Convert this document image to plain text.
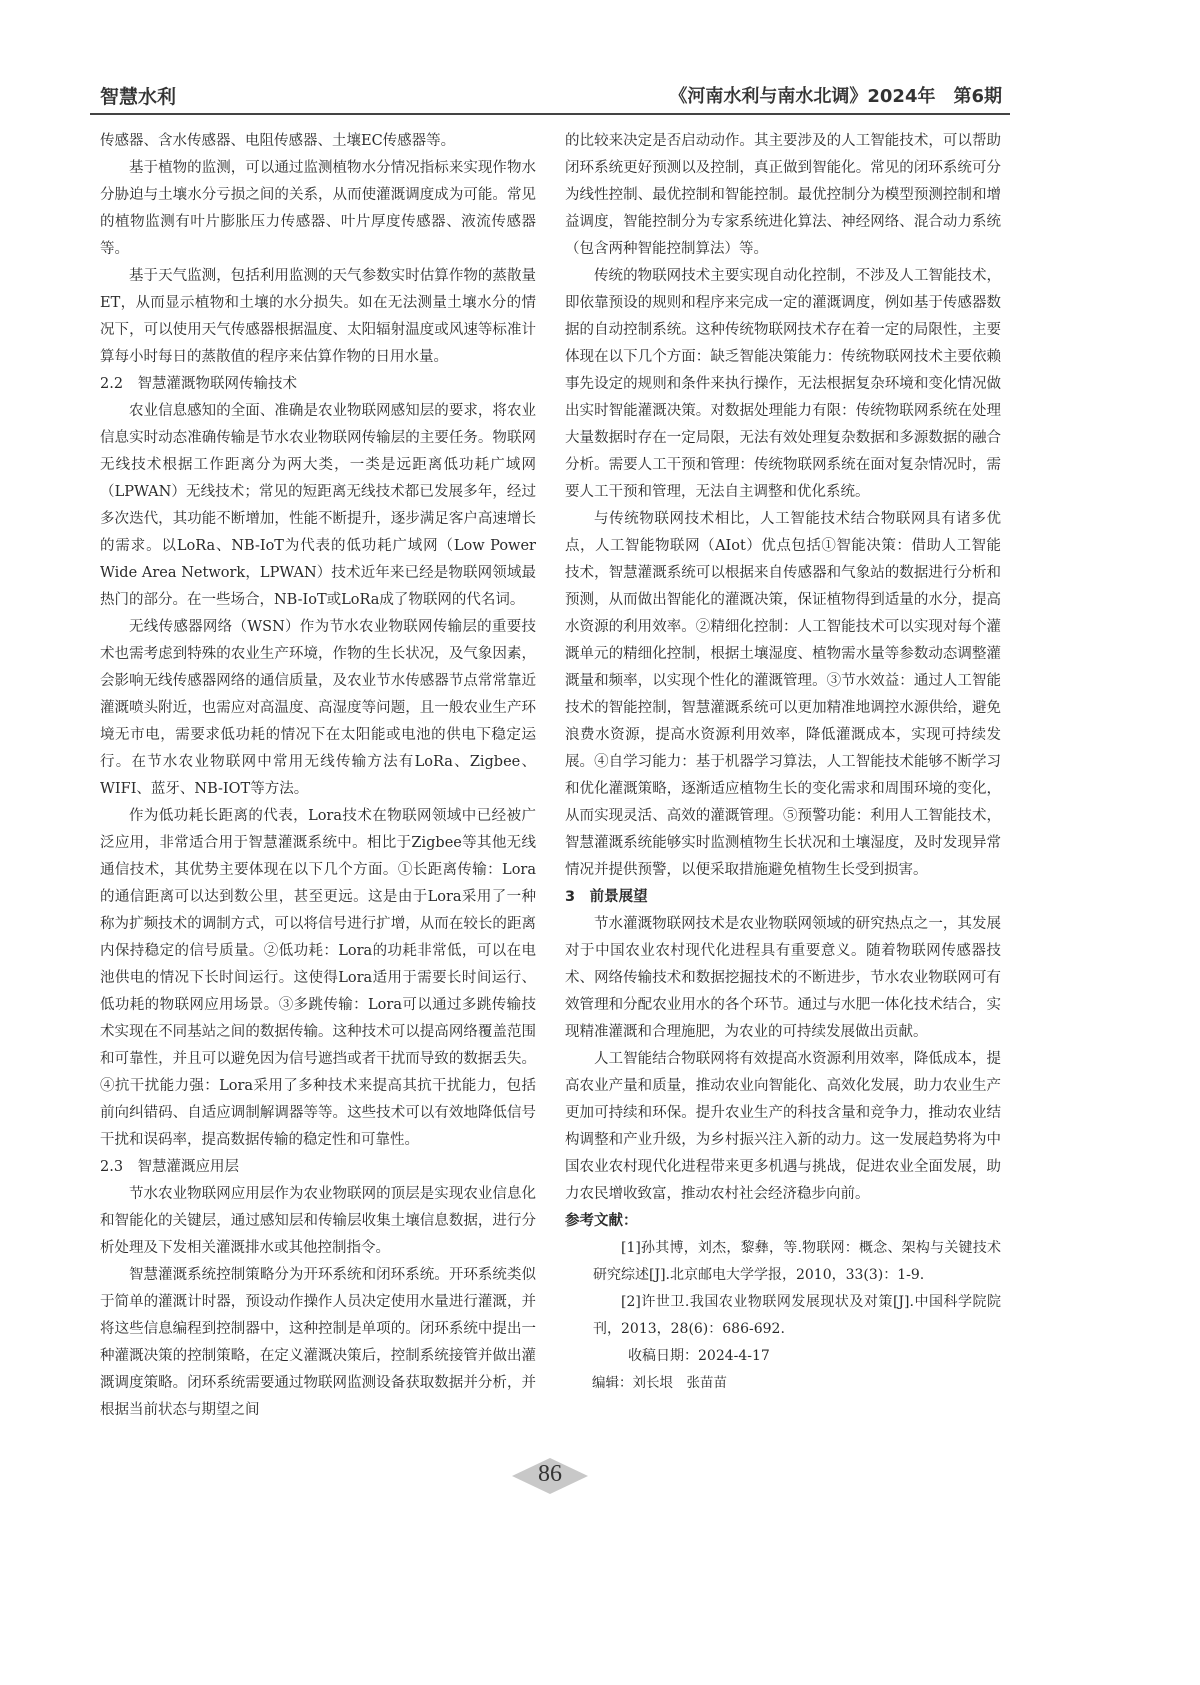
智慧水利	《河南水利与南水北调》2024年　第6期

传感器、含水传感器、电阻传感器、土壤EC传感器等。

基于植物的监测，可以通过监测植物水分情况指标来实现作物水分胁迫与土壤水分亏损之间的关系，从而使灌溉调度成为可能。常见的植物监测有叶片膨胀压力传感器、叶片厚度传感器、液流传感器等。

基于天气监测，包括利用监测的天气参数实时估算作物的蒸散量ET，从而显示植物和土壤的水分损失。如在无法测量土壤水分的情况下，可以使用天气传感器根据温度、太阳辐射温度或风速等标准计算每小时每日的蒸散值的程序来估算作物的日用水量。

2.2　智慧灌溉物联网传输技术

农业信息感知的全面、准确是农业物联网感知层的要求，将农业信息实时动态准确传输是节水农业物联网传输层的主要任务。物联网无线技术根据工作距离分为两大类，一类是远距离低功耗广域网（LPWAN）无线技术；常见的短距离无线技术都已发展多年，经过多次迭代，其功能不断增加，性能不断提升，逐步满足客户高速增长的需求。以LoRa、NB-IoT为代表的低功耗广域网（Low Power Wide Area Network，LPWAN）技术近年来已经是物联网领域最热门的部分。在一些场合，NB-IoT或LoRa成了物联网的代名词。

无线传感器网络（WSN）作为节水农业物联网传输层的重要技术也需考虑到特殊的农业生产环境，作物的生长状况，及气象因素，会影响无线传感器网络的通信质量，及农业节水传感器节点常常靠近灌溉喷头附近，也需应对高温度、高湿度等问题，且一般农业生产环境无市电，需要求低功耗的情况下在太阳能或电池的供电下稳定运行。在节水农业物联网中常用无线传输方法有LoRa、Zigbee、WIFI、蓝牙、NB-IOT等方法。

作为低功耗长距离的代表，Lora技术在物联网领域中已经被广泛应用，非常适合用于智慧灌溉系统中。相比于Zigbee等其他无线通信技术，其优势主要体现在以下几个方面。①长距离传输：Lora的通信距离可以达到数公里，甚至更远。这是由于Lora采用了一种称为扩频技术的调制方式，可以将信号进行扩增，从而在较长的距离内保持稳定的信号质量。②低功耗：Lora的功耗非常低，可以在电池供电的情况下长时间运行。这使得Lora适用于需要长时间运行、低功耗的物联网应用场景。③多跳传输：Lora可以通过多跳传输技术实现在不同基站之间的数据传输。这种技术可以提高网络覆盖范围和可靠性，并且可以避免因为信号遮挡或者干扰而导致的数据丢失。④抗干扰能力强：Lora采用了多种技术来提高其抗干扰能力，包括前向纠错码、自适应调制解调器等等。这些技术可以有效地降低信号干扰和误码率，提高数据传输的稳定性和可靠性。

2.3　智慧灌溉应用层

节水农业物联网应用层作为农业物联网的顶层是实现农业信息化和智能化的关键层，通过感知层和传输层收集土壤信息数据，进行分析处理及下发相关灌溉排水或其他控制指令。

智慧灌溉系统控制策略分为开环系统和闭环系统。开环系统类似于简单的灌溉计时器，预设动作操作人员决定使用水量进行灌溉，并将这些信息编程到控制器中，这种控制是单项的。闭环系统中提出一种灌溉决策的控制策略，在定义灌溉决策后，控制系统接管并做出灌溉调度策略。闭环系统需要通过物联网监测设备获取数据并分析，并根据当前状态与期望之间

的比较来决定是否启动动作。其主要涉及的人工智能技术，可以帮助闭环系统更好预测以及控制，真正做到智能化。常见的闭环系统可分为线性控制、最优控制和智能控制。最优控制分为模型预测控制和增益调度，智能控制分为专家系统进化算法、神经网络、混合动力系统（包含两种智能控制算法）等。

传统的物联网技术主要实现自动化控制，不涉及人工智能技术，即依靠预设的规则和程序来完成一定的灌溉调度，例如基于传感器数据的自动控制系统。这种传统物联网技术存在着一定的局限性，主要体现在以下几个方面：缺乏智能决策能力：传统物联网技术主要依赖事先设定的规则和条件来执行操作，无法根据复杂环境和变化情况做出实时智能灌溉决策。对数据处理能力有限：传统物联网系统在处理大量数据时存在一定局限，无法有效处理复杂数据和多源数据的融合分析。需要人工干预和管理：传统物联网系统在面对复杂情况时，需要人工干预和管理，无法自主调整和优化系统。

与传统物联网技术相比，人工智能技术结合物联网具有诸多优点，人工智能物联网（AIot）优点包括①智能决策：借助人工智能技术，智慧灌溉系统可以根据来自传感器和气象站的数据进行分析和预测，从而做出智能化的灌溉决策，保证植物得到适量的水分，提高水资源的利用效率。②精细化控制：人工智能技术可以实现对每个灌溉单元的精细化控制，根据土壤湿度、植物需水量等参数动态调整灌溉量和频率，以实现个性化的灌溉管理。③节水效益：通过人工智能技术的智能控制，智慧灌溉系统可以更加精准地调控水源供给，避免浪费水资源，提高水资源利用效率，降低灌溉成本，实现可持续发展。④自学习能力：基于机器学习算法，人工智能技术能够不断学习和优化灌溉策略，逐渐适应植物生长的变化需求和周围环境的变化，从而实现灵活、高效的灌溉管理。⑤预警功能：利用人工智能技术，智慧灌溉系统能够实时监测植物生长状况和土壤湿度，及时发现异常情况并提供预警，以便采取措施避免植物生长受到损害。

3　前景展望

节水灌溉物联网技术是农业物联网领域的研究热点之一，其发展对于中国农业农村现代化进程具有重要意义。随着物联网传感器技术、网络传输技术和数据挖掘技术的不断进步，节水农业物联网可有效管理和分配农业用水的各个环节。通过与水肥一体化技术结合，实现精准灌溉和合理施肥，为农业的可持续发展做出贡献。

人工智能结合物联网将有效提高水资源利用效率，降低成本，提高农业产量和质量，推动农业向智能化、高效化发展，助力农业生产更加可持续和环保。提升农业生产的科技含量和竞争力，推动农业结构调整和产业升级，为乡村振兴注入新的动力。这一发展趋势将为中国农业农村现代化进程带来更多机遇与挑战，促进农业全面发展，助力农民增收致富，推动农村社会经济稳步向前。

参考文献：

[1]孙其博，刘杰，黎彝，等.物联网：概念、架构与关键技术研究综述[J].北京邮电大学学报，2010，33(3)：1-9.

[2]许世卫.我国农业物联网发展现状及对策[J].中国科学院院刊，2013，28(6)：686-692.

收稿日期：2024-4-17

编辑：刘长垠　张苗苗

86
